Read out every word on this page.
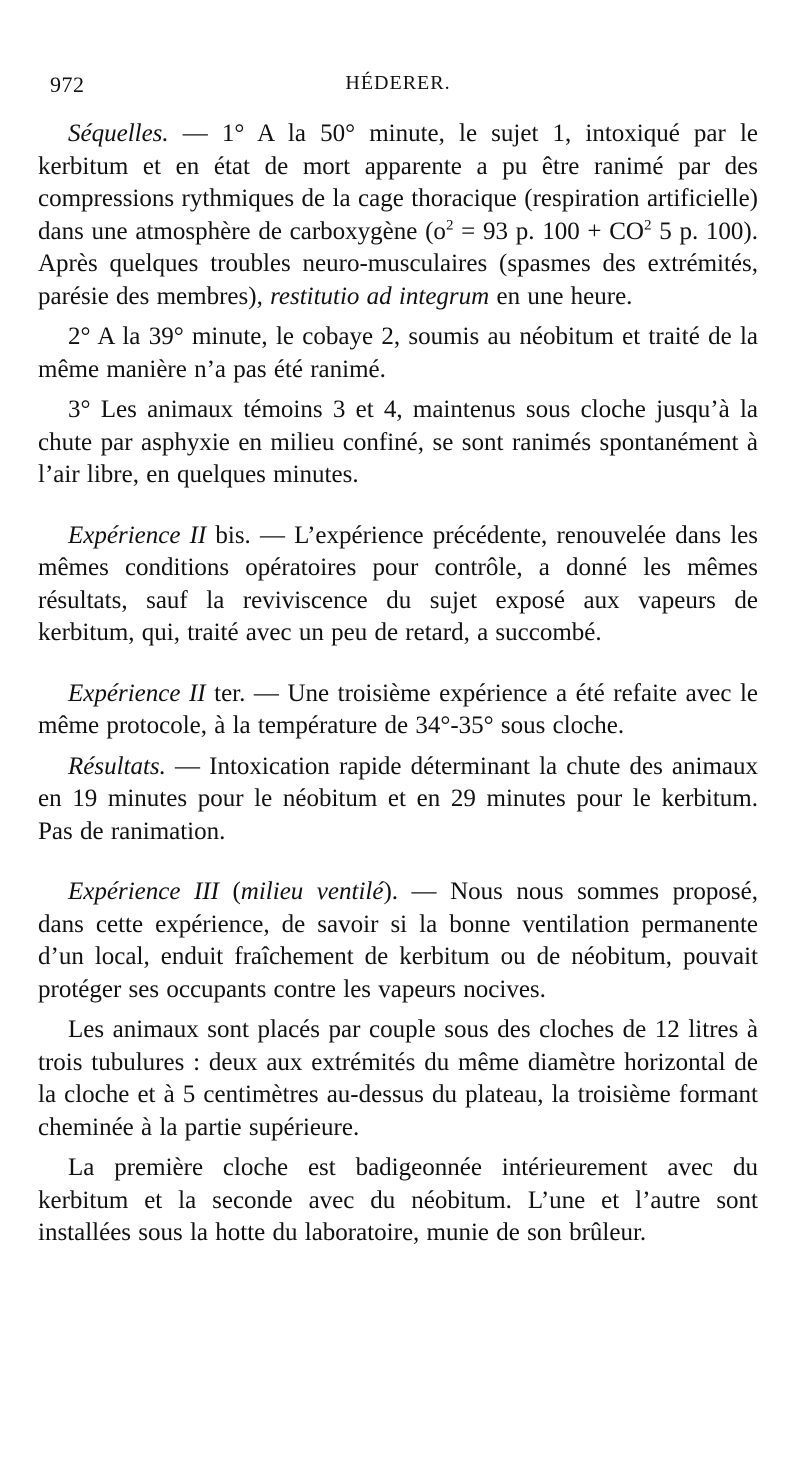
972	HÉDERER.

Séquelles. — 1° A la 50° minute, le sujet 1, intoxiqué par le kerbitum et en état de mort apparente a pu être ranimé par des compressions rythmiques de la cage thoracique (respiration artificielle) dans une atmosphère de carboxygène ($o^2 = 93$ p. $100 + CO^2$ 5 p. 100). Après quelques troubles neuro-musculaires (spasmes des extrémités, parésie des membres), restitutio ad integrum en une heure.

2° A la 39° minute, le cobaye 2, soumis au néobitum et traité de la même manière n’a pas été ranimé.

3° Les animaux témoins 3 et 4, maintenus sous cloche jusqu’à la chute par asphyxie en milieu confiné, se sont ranimés spontanément à l’air libre, en quelques minutes.

Expérience II bis. — L’expérience précédente, renouvelée dans les mêmes conditions opératoires pour contrôle, a donné les mêmes résultats, sauf la reviviscence du sujet exposé aux vapeurs de kerbitum, qui, traité avec un peu de retard, a succombé.

Expérience II ter. — Une troisième expérience a été refaite avec le même protocole, à la température de 34°-35° sous cloche.

Résultats. — Intoxication rapide déterminant la chute des animaux en 19 minutes pour le néobitum et en 29 minutes pour le kerbitum. Pas de ranimation.

Expérience III (milieu ventilé). — Nous nous sommes proposé, dans cette expérience, de savoir si la bonne ventilation permanente d’un local, enduit fraîchement de kerbitum ou de néobitum, pouvait protéger ses occupants contre les vapeurs nocives.

Les animaux sont placés par couple sous des cloches de 12 litres à trois tubulures : deux aux extrémités du même diamètre horizontal de la cloche et à 5 centimètres au-dessus du plateau, la troisième formant cheminée à la partie supérieure.

La première cloche est badigeonnée intérieurement avec du kerbitum et la seconde avec du néobitum. L’une et l’autre sont installées sous la hotte du laboratoire, munie de son brûleur.
